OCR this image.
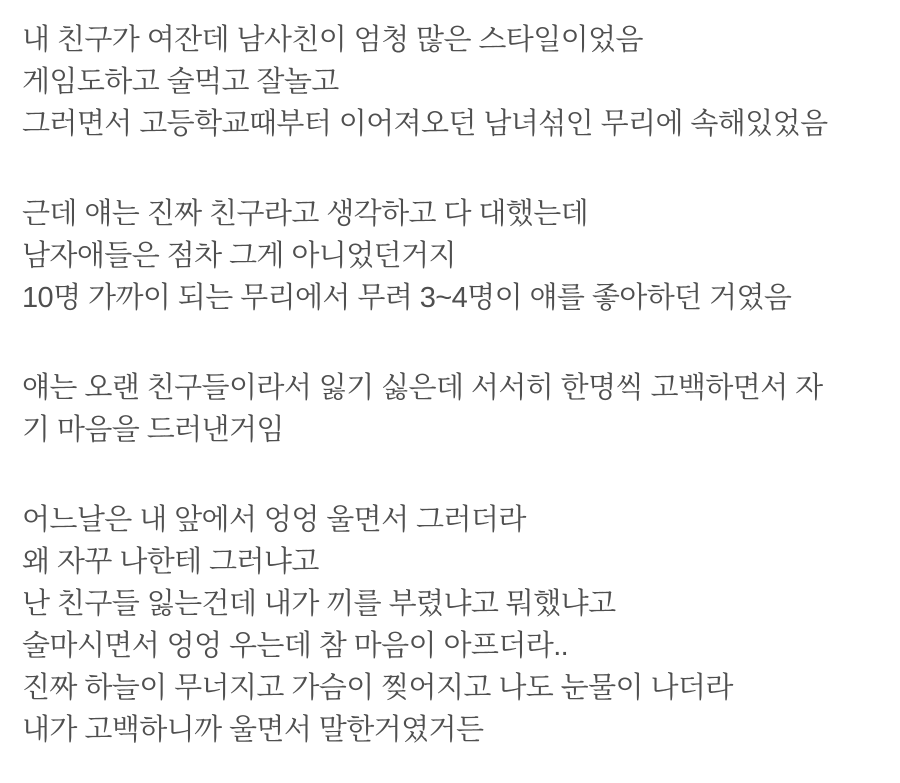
내 친구가 여잔데 남사친이 엄청 많은 스타일이었음
게임도하고 술먹고 잘놀고
그러면서 고등학교때부터 이어져오던 남녀섞인 무리에 속해있었음
근데 얘는 진짜 친구라고 생각하고 다 대했는데
남자애들은 점차 그게 아니었던거지
10명 가까이 되는 무리에서 무려 3~4명이 얘를 좋아하던 거였음
얘는 오랜 친구들이라서 잃기 싫은데 서서히 한명씩 고백하면서 자
기 마음을 드러낸거임
어느날은 내 앞에서 엉엉 울면서 그러더라
왜 자꾸 나한테 그러냐고
난 친구들 잃는건데 내가 끼를 부렸냐고 뭐했냐고
술마시면서 엉엉 우는데 참 마음이 아프더라..
진짜 하늘이 무너지고 가슴이 찢어지고 나도 눈물이 나더라
내가 고백하니까 울면서 말한거였거든
